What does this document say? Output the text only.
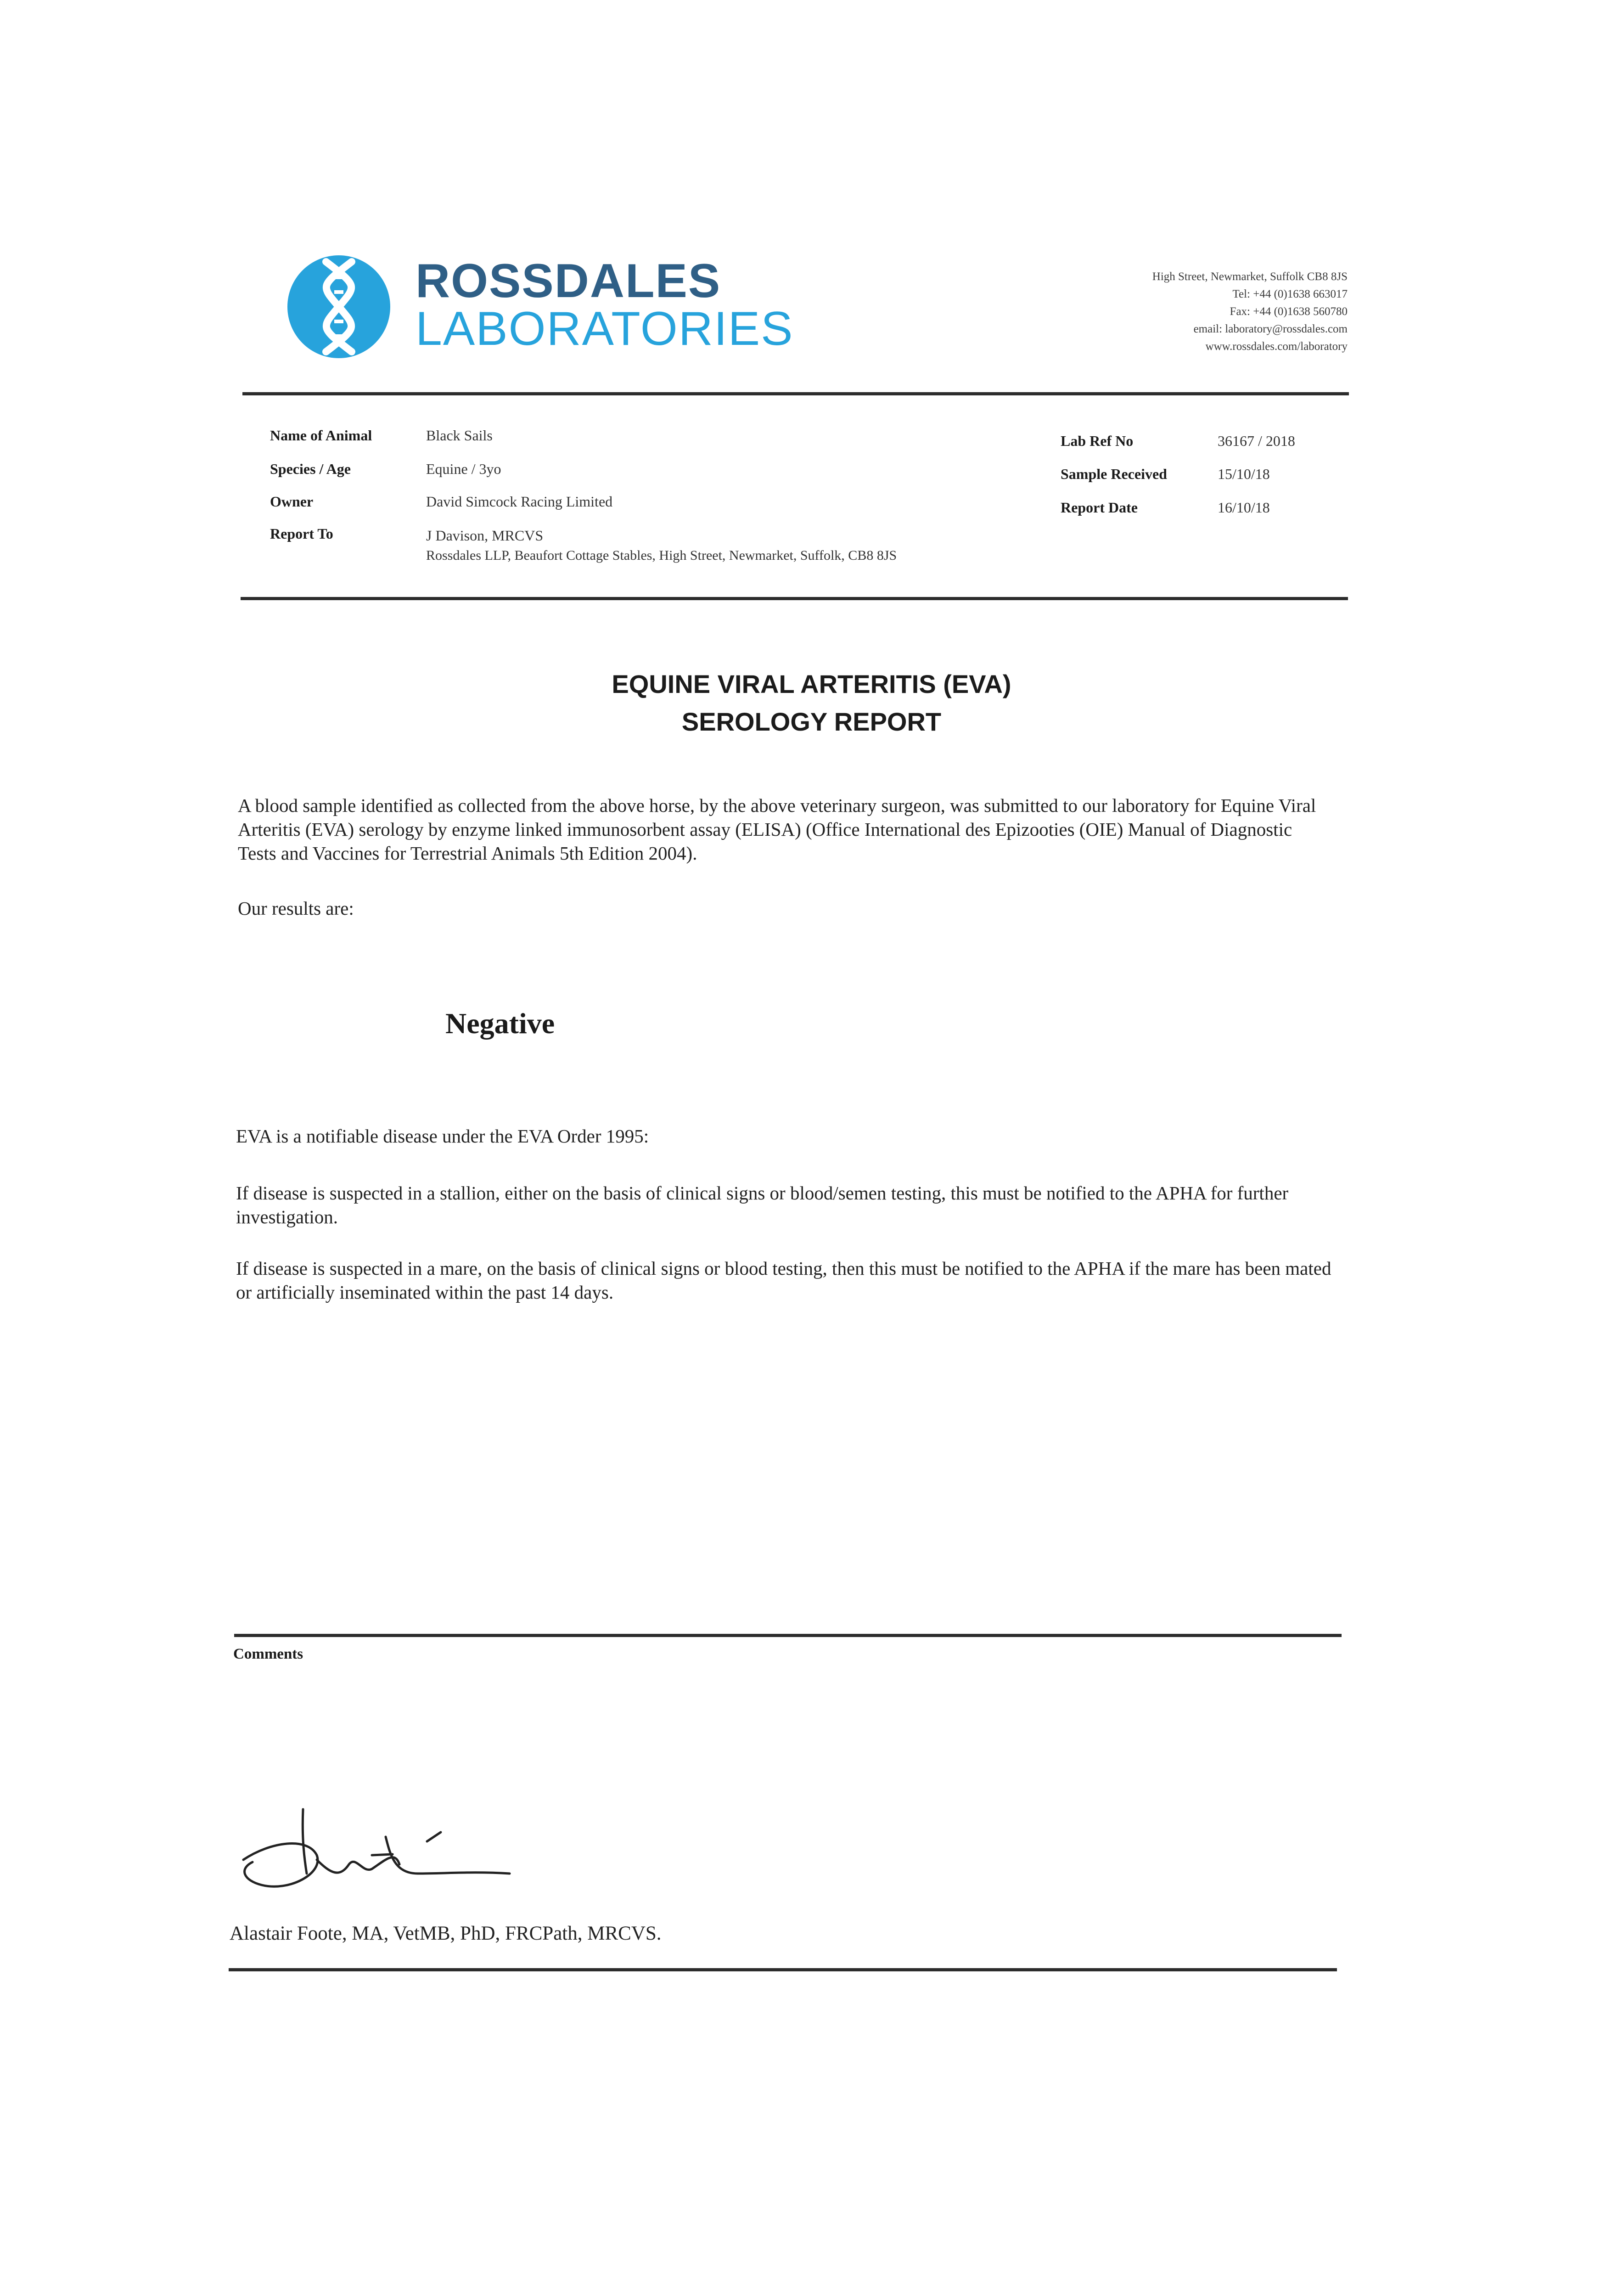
ROSSDALES
LABORATORIES
High Street, Newmarket, Suffolk CB8 8JS
Tel: +44 (0)1638 663017
Fax: +44 (0)1638 560780
email: laboratory@rossdales.com
www.rossdales.com/laboratory
Name of Animal	Black Sails
Species / Age	Equine / 3yo
Owner	David Simcock Racing Limited
Report To	J Davison, MRCVS
Rossdales LLP, Beaufort Cottage Stables, High Street, Newmarket, Suffolk, CB8 8JS
Lab Ref No	36167 / 2018
Sample Received	15/10/18
Report Date	16/10/18
EQUINE VIRAL ARTERITIS (EVA)
SEROLOGY REPORT
A blood sample identified as collected from the above horse, by the above veterinary surgeon, was submitted to our laboratory for Equine Viral Arteritis (EVA) serology by enzyme linked immunosorbent assay (ELISA) (Office International des Epizooties (OIE) Manual of Diagnostic Tests and Vaccines for Terrestrial Animals 5th Edition 2004).
Our results are:
Negative
EVA is a notifiable disease under the EVA Order 1995:
If disease is suspected in a stallion, either on the basis of clinical signs or blood/semen testing, this must be notified to the APHA for further investigation.
If disease is suspected in a mare, on the basis of clinical signs or blood testing, then this must be notified to the APHA if the mare has been mated or artificially inseminated within the past 14 days.
Comments
Alastair Foote, MA, VetMB, PhD, FRCPath, MRCVS.
